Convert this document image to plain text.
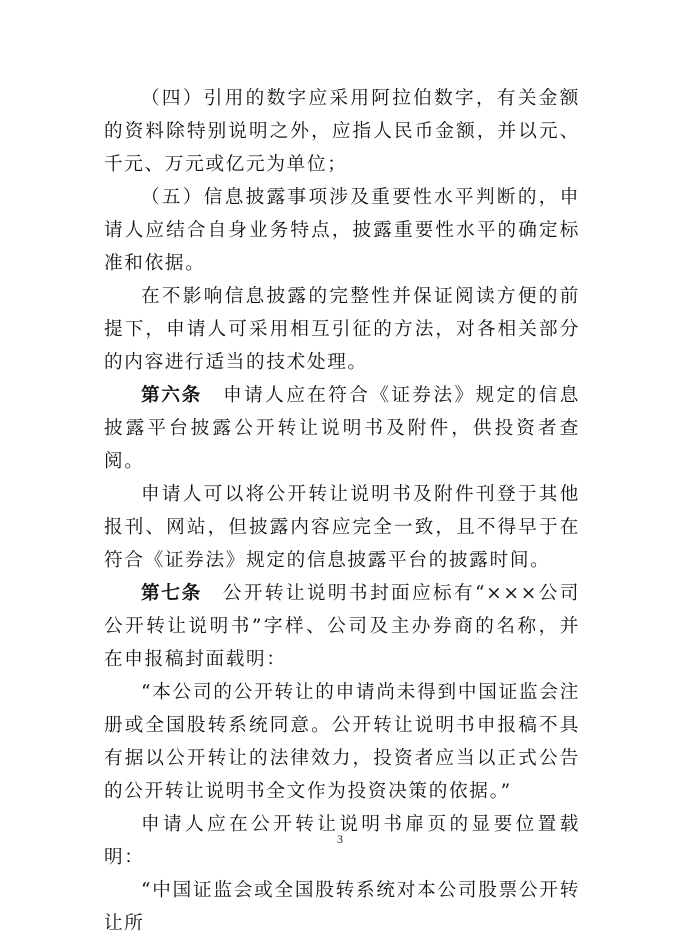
（四）引用的数字应采用阿拉伯数字，有关金额的资料除特别说明之外，应指人民币金额，并以元、千元、万元或亿元为单位；

（五）信息披露事项涉及重要性水平判断的，申请人应结合自身业务特点，披露重要性水平的确定标准和依据。

在不影响信息披露的完整性并保证阅读方便的前提下，申请人可采用相互引征的方法，对各相关部分的内容进行适当的技术处理。

第六条　申请人应在符合《证券法》规定的信息披露平台披露公开转让说明书及附件，供投资者查阅。

申请人可以将公开转让说明书及附件刊登于其他报刊、网站，但披露内容应完全一致，且不得早于在符合《证券法》规定的信息披露平台的披露时间。

第七条　公开转让说明书封面应标有“×××公司公开转让说明书”字样、公司及主办券商的名称，并在申报稿封面载明：

“本公司的公开转让的申请尚未得到中国证监会注册或全国股转系统同意。公开转让说明书申报稿不具有据以公开转让的法律效力，投资者应当以正式公告的公开转让说明书全文作为投资决策的依据。”

申请人应在公开转让说明书扉页的显要位置载明：

“中国证监会或全国股转系统对本公司股票公开转让所

3
